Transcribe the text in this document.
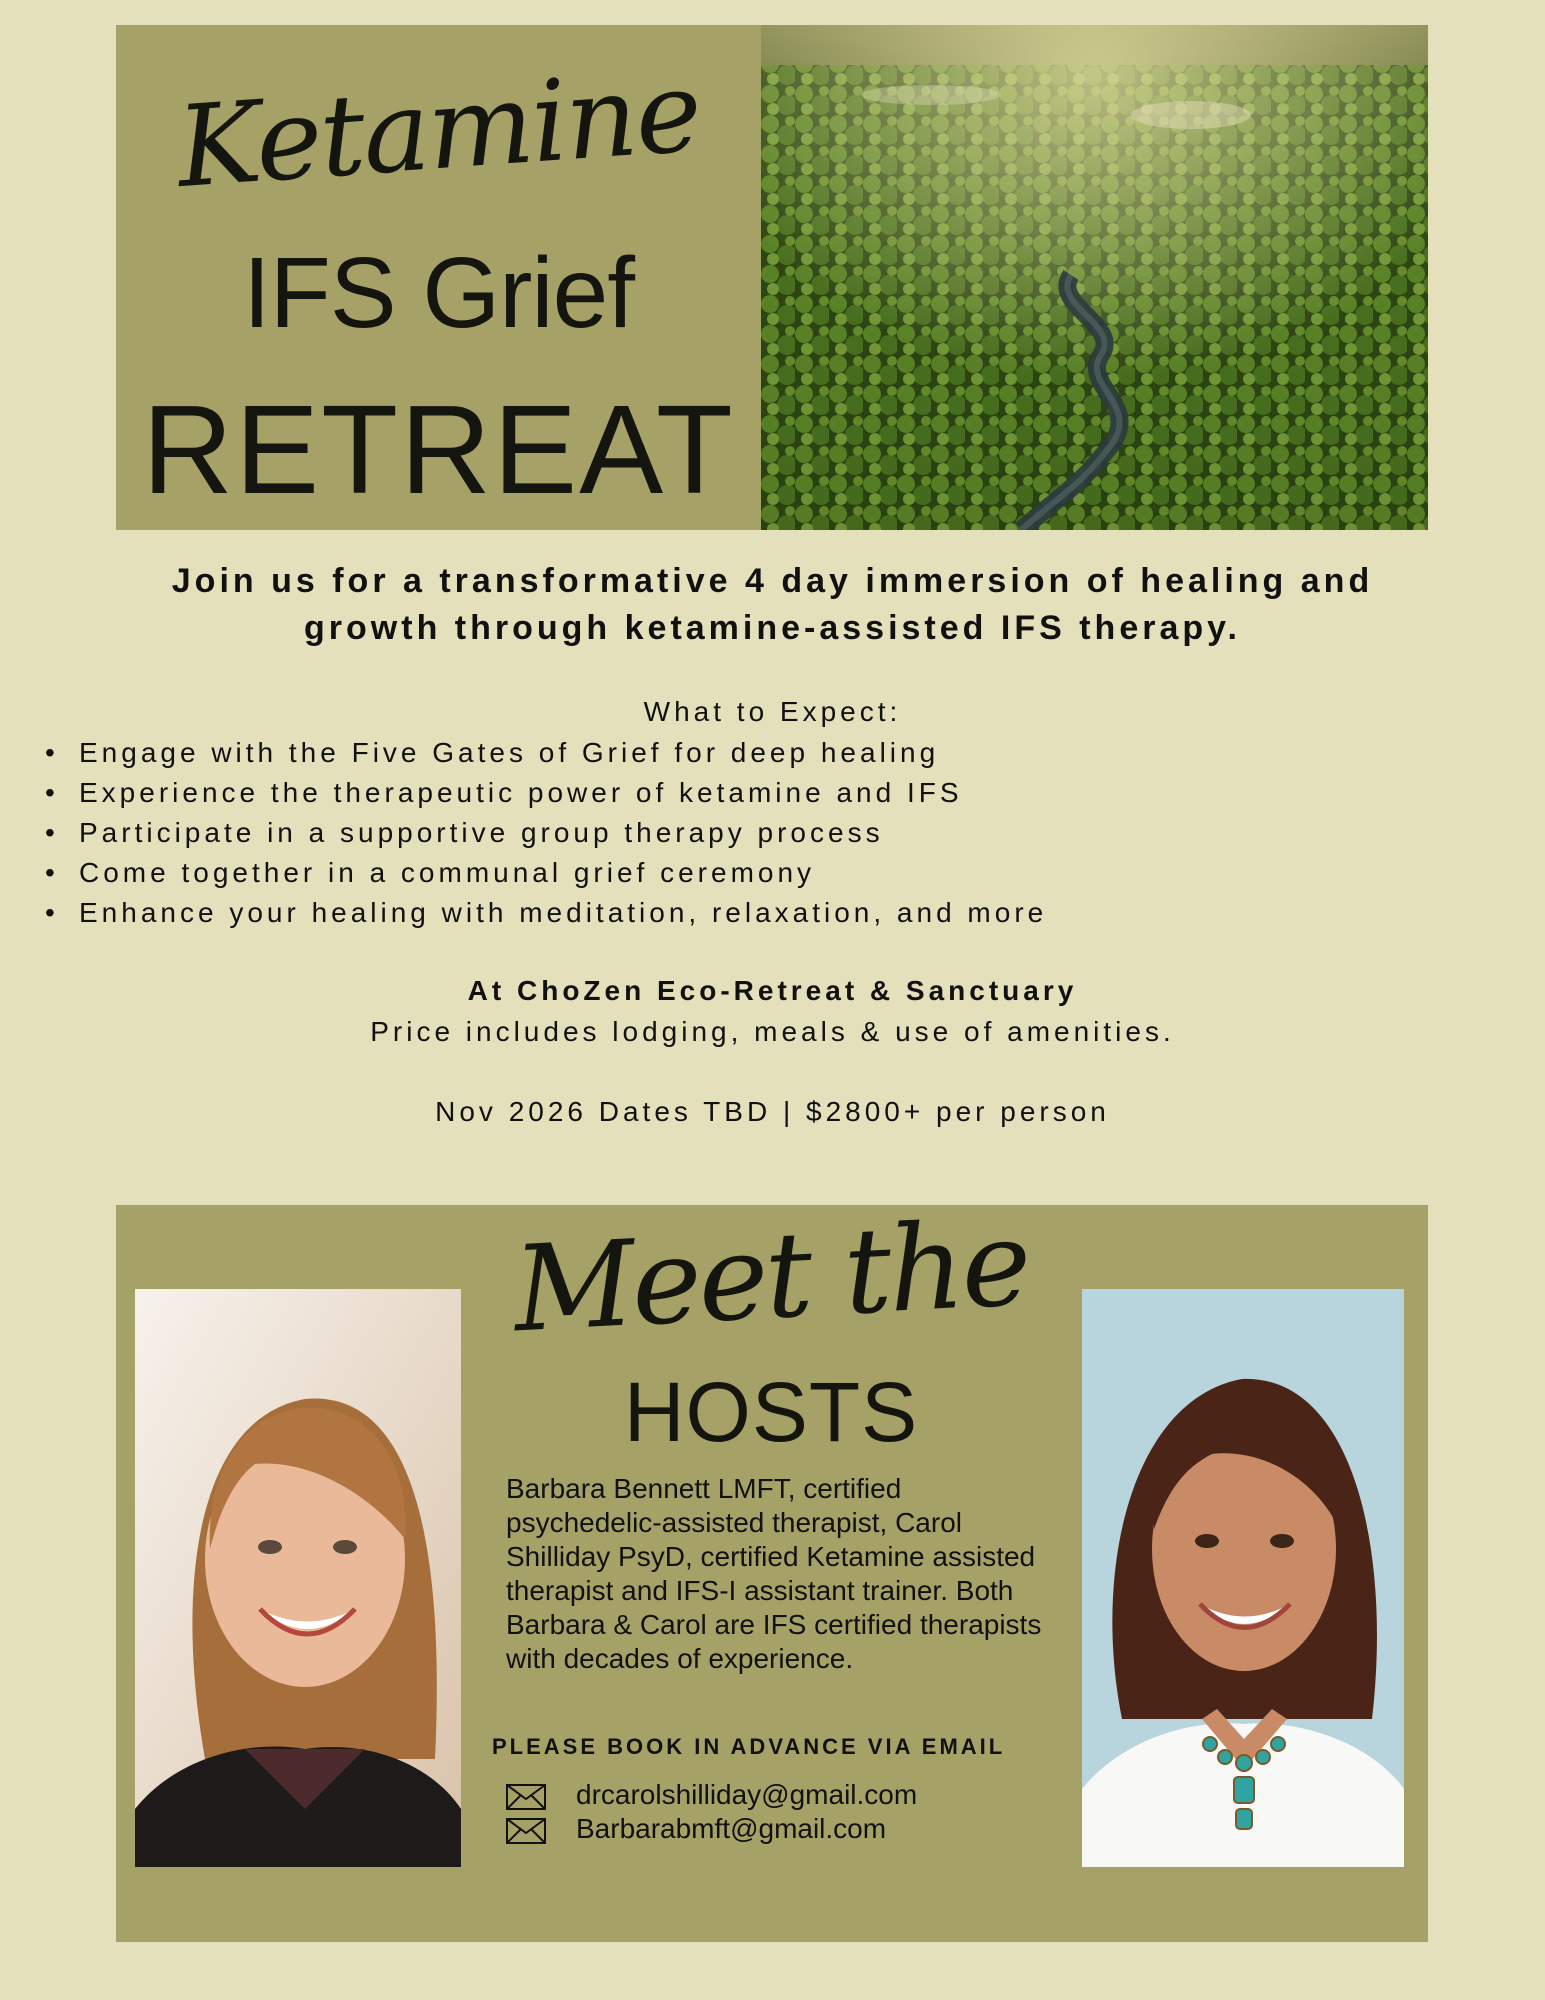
Ketamine
IFS Grief
RETREAT
Join us for a transformative 4 day immersion of healing and
growth through ketamine-assisted IFS therapy.
What to Expect:
• Engage with the Five Gates of Grief for deep healing
• Experience the therapeutic power of ketamine and IFS
• Participate in a supportive group therapy process
• Come together in a communal grief ceremony
• Enhance your healing with meditation, relaxation, and more
At ChoZen Eco-Retreat & Sanctuary
Price includes lodging, meals & use of amenities.
Nov 2026 Dates TBD | $2800+ per person
Meet the
HOSTS
Barbara Bennett LMFT, certified psychedelic-assisted therapist, Carol Shilliday PsyD, certified Ketamine assisted therapist and IFS-I assistant trainer. Both Barbara & Carol are IFS certified therapists with decades of experience.
PLEASE BOOK IN ADVANCE VIA EMAIL
drcarolshilliday@gmail.com
Barbarabmft@gmail.com
